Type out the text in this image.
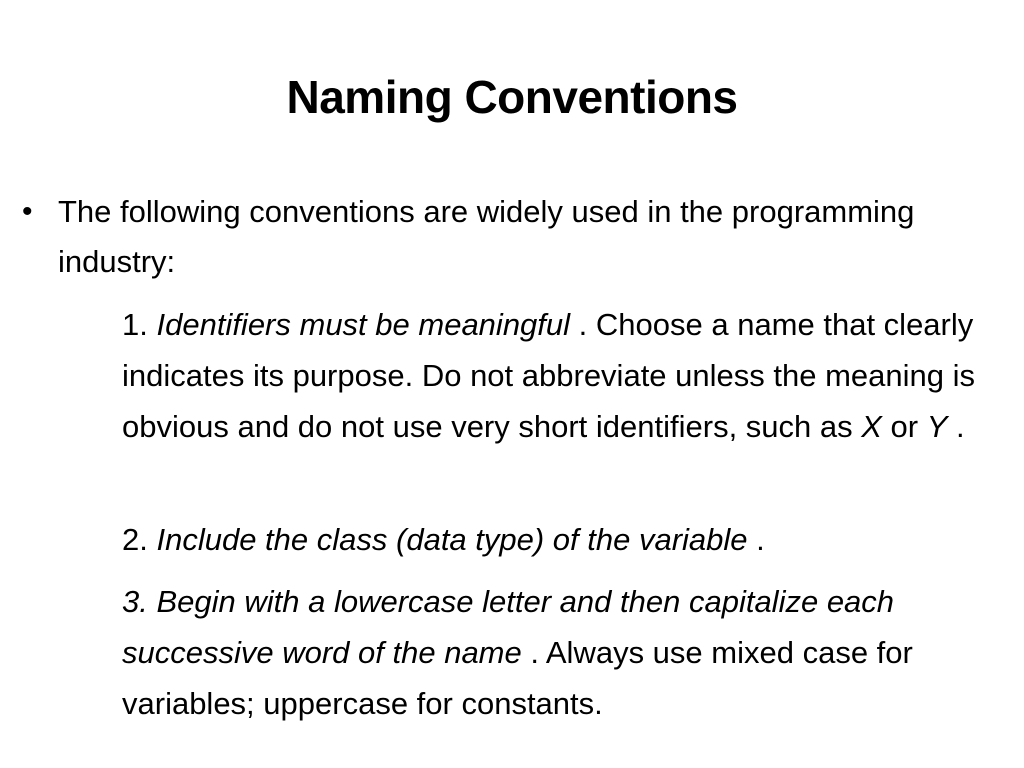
Naming Conventions
• The following conventions are widely used in the programming industry:
1. Identifiers must be meaningful . Choose a name that clearly indicates its purpose. Do not abbreviate unless the meaning is obvious and do not use very short identifiers, such as X or Y .
2. Include the class (data type) of the variable .
3. Begin with a lowercase letter and then capitalize each successive word of the name . Always use mixed case for variables; uppercase for constants.
